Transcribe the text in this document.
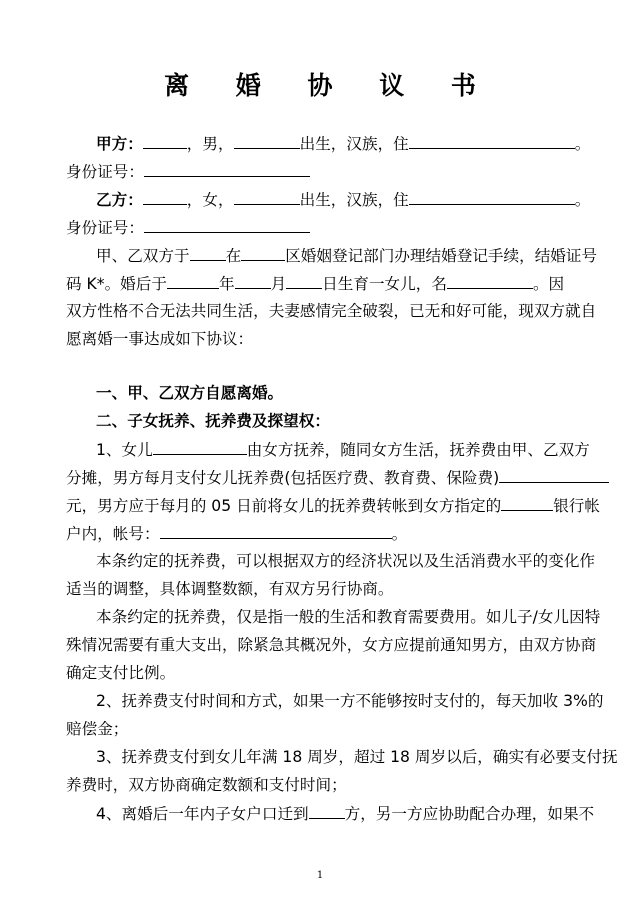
离 婚 协 议 书
甲方：	，男，	出生，汉族，住	。
身份证号：
乙方：	，女，	出生，汉族，住	。
身份证号：
甲、乙双方于 在	区婚姻登记部门办理结婚登记手续，结婚证号
码 K*。婚后于	年 月 日生育一女儿，名	。因
双方性格不合无法共同生活，夫妻感情完全破裂，已无和好可能，现双方就自
愿离婚一事达成如下协议：
一、甲、乙双方自愿离婚。
二、子女抚养、抚养费及探望权：
1、女儿	由女方抚养，随同女方生活，抚养费由甲、乙双方
分摊，男方每月支付女儿抚养费(包括医疗费、教育费、保险费)
元，男方应于每月的 05 日前将女儿的抚养费转帐到女方指定的	银行帐
户内，帐号：	。
本条约定的抚养费，可以根据双方的经济状况以及生活消费水平的变化作
适当的调整，具体调整数额，有双方另行协商。
本条约定的抚养费，仅是指一般的生活和教育需要费用。如儿子/女儿因特
殊情况需要有重大支出，除紧急其概况外，女方应提前通知男方，由双方协商
确定支付比例。
2、抚养费支付时间和方式，如果一方不能够按时支付的，每天加收 3%的
赔偿金；
3、抚养费支付到女儿年满 18 周岁，超过 18 周岁以后，确实有必要支付抚
养费时，双方协商确定数额和支付时间；
4、离婚后一年内子女户口迁到 方，另一方应协助配合办理，如果不
1
